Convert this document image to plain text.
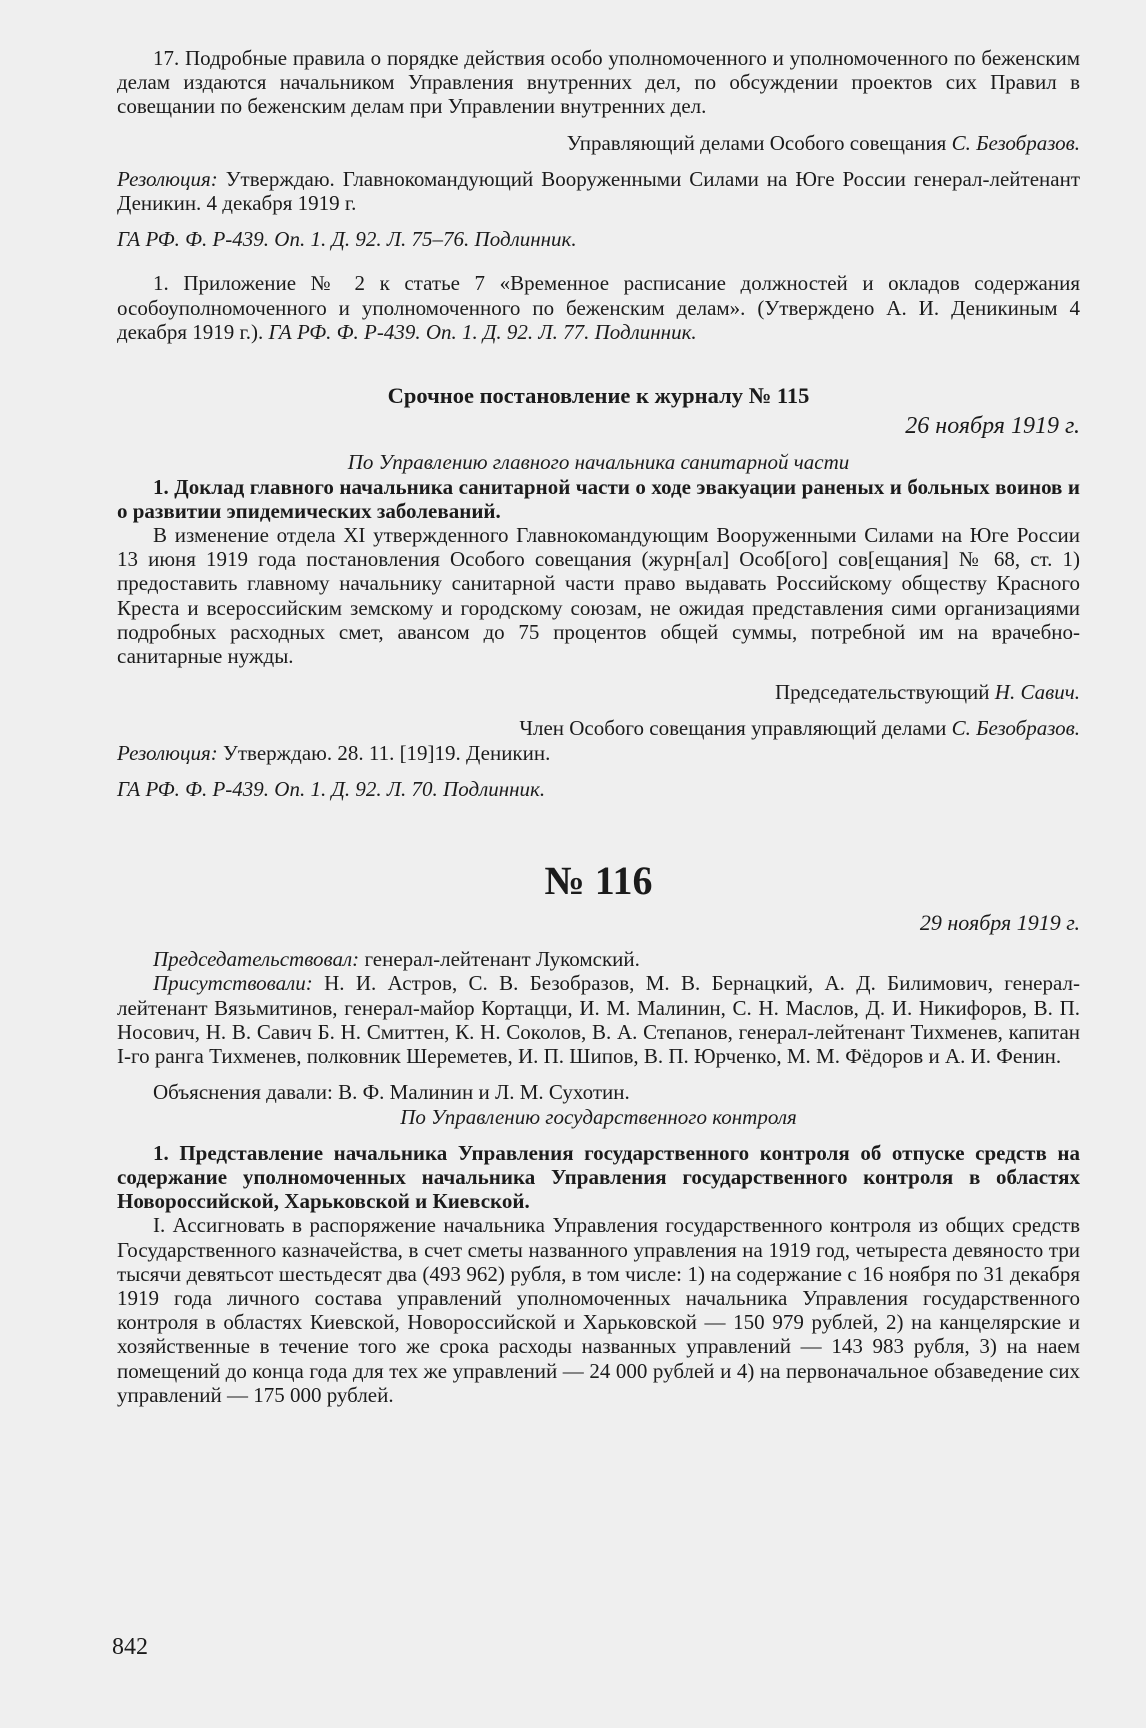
17. Подробные правила о порядке действия особо уполномоченного и уполномоченного по беженским делам издаются начальником Управления внутренних дел, по обсуждении проектов сих Правил в совещании по беженским делам при Управлении внутренних дел.

Управляющий делами Особого совещания С. Безобразов.

Резолюция: Утверждаю. Главнокомандующий Вооруженными Силами на Юге России генерал-лейтенант Деникин. 4 декабря 1919 г.

ГА РФ. Ф. Р-439. Оп. 1. Д. 92. Л. 75–76. Подлинник.

1. Приложение № 2 к статье 7 «Временное расписание должностей и окладов содержания особоуполномоченного и уполномоченного по беженским делам». (Утверждено А. И. Деникиным 4 декабря 1919 г.). ГА РФ. Ф. Р-439. Оп. 1. Д. 92. Л. 77. Подлинник.

Срочное постановление к журналу № 115

26 ноября 1919 г.

По Управлению главного начальника санитарной части

1. Доклад главного начальника санитарной части о ходе эвакуации раненых и больных воинов и о развитии эпидемических заболеваний.

В изменение отдела XI утвержденного Главнокомандующим Вооруженными Силами на Юге России 13 июня 1919 года постановления Особого совещания (журн[ал] Особ[ого] сов[ещания] № 68, ст. 1) предоставить главному начальнику санитарной части право выдавать Российскому обществу Красного Креста и всероссийским земскому и городскому союзам, не ожидая представления сими организациями подробных расходных смет, авансом до 75 процентов общей суммы, потребной им на врачебно-санитарные нужды.

Председательствующий Н. Савич.

Член Особого совещания управляющий делами С. Безобразов.

Резолюция: Утверждаю. 28. 11. [19]19. Деникин.

ГА РФ. Ф. Р-439. Оп. 1. Д. 92. Л. 70. Подлинник.

№ 116

29 ноября 1919 г.

Председательствовал: генерал-лейтенант Лукомский.

Присутствовали: Н. И. Астров, С. В. Безобразов, М. В. Бернацкий, А. Д. Билимович, генерал-лейтенант Вязьмитинов, генерал-майор Кортацци, И. М. Малинин, С. Н. Маслов, Д. И. Никифоров, В. П. Носович, Н. В. Савич Б. Н. Смиттен, К. Н. Соколов, В. А. Степанов, генерал-лейтенант Тихменев, капитан I-го ранга Тихменев, полковник Шереметев, И. П. Шипов, В. П. Юрченко, М. М. Фёдоров и А. И. Фенин.

Объяснения давали: В. Ф. Малинин и Л. М. Сухотин.

По Управлению государственного контроля

1. Представление начальника Управления государственного контроля об отпуске средств на содержание уполномоченных начальника Управления государственного контроля в областях Новороссийской, Харьковской и Киевской.

I. Ассигновать в распоряжение начальника Управления государственного контроля из общих средств Государственного казначейства, в счет сметы названного управления на 1919 год, четыреста девяносто три тысячи девятьсот шестьдесят два (493 962) рубля, в том числе: 1) на содержание с 16 ноября по 31 декабря 1919 года личного состава управлений уполномоченных начальника Управления государственного контроля в областях Киевской, Новороссийской и Харьковской — 150 979 рублей, 2) на канцелярские и хозяйственные в течение того же срока расходы названных управлений — 143 983 рубля, 3) на наем помещений до конца года для тех же управлений — 24 000 рублей и 4) на первоначальное обзаведение сих управлений — 175 000 рублей.

842
